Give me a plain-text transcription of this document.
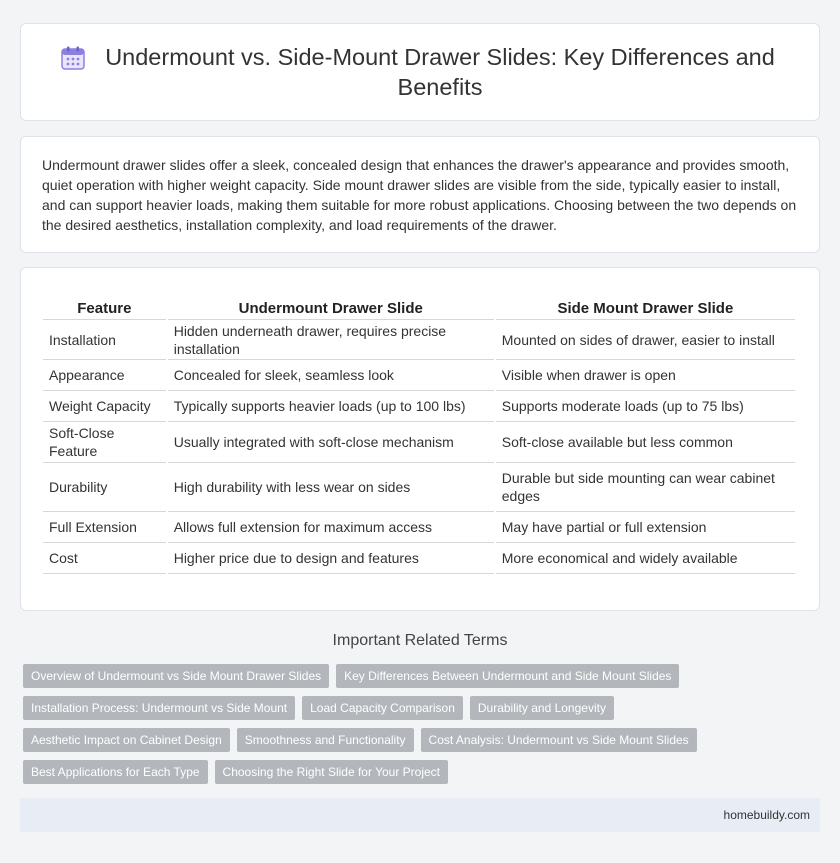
Undermount vs. Side-Mount Drawer Slides: Key Differences and Benefits

Undermount drawer slides offer a sleek, concealed design that enhances the drawer's appearance and provides smooth, quiet operation with higher weight capacity. Side mount drawer slides are visible from the side, typically easier to install, and can support heavier loads, making them suitable for more robust applications. Choosing between the two depends on the desired aesthetics, installation complexity, and load requirements of the drawer.

Feature	Undermount Drawer Slide	Side Mount Drawer Slide
Installation	Hidden underneath drawer, requires precise installation	Mounted on sides of drawer, easier to install
Appearance	Concealed for sleek, seamless look	Visible when drawer is open
Weight Capacity	Typically supports heavier loads (up to 100 lbs)	Supports moderate loads (up to 75 lbs)
Soft-Close Feature	Usually integrated with soft-close mechanism	Soft-close available but less common
Durability	High durability with less wear on sides	Durable but side mounting can wear cabinet edges
Full Extension	Allows full extension for maximum access	May have partial or full extension
Cost	Higher price due to design and features	More economical and widely available
Important Related Terms
Overview of Undermount vs Side Mount Drawer Slides	Key Differences Between Undermount and Side Mount Slides
Installation Process: Undermount vs Side Mount	Load Capacity Comparison	Durability and Longevity
Aesthetic Impact on Cabinet Design	Smoothness and Functionality	Cost Analysis: Undermount vs Side Mount Slides
Best Applications for Each Type	Choosing the Right Slide for Your Project
homebuildy.com
